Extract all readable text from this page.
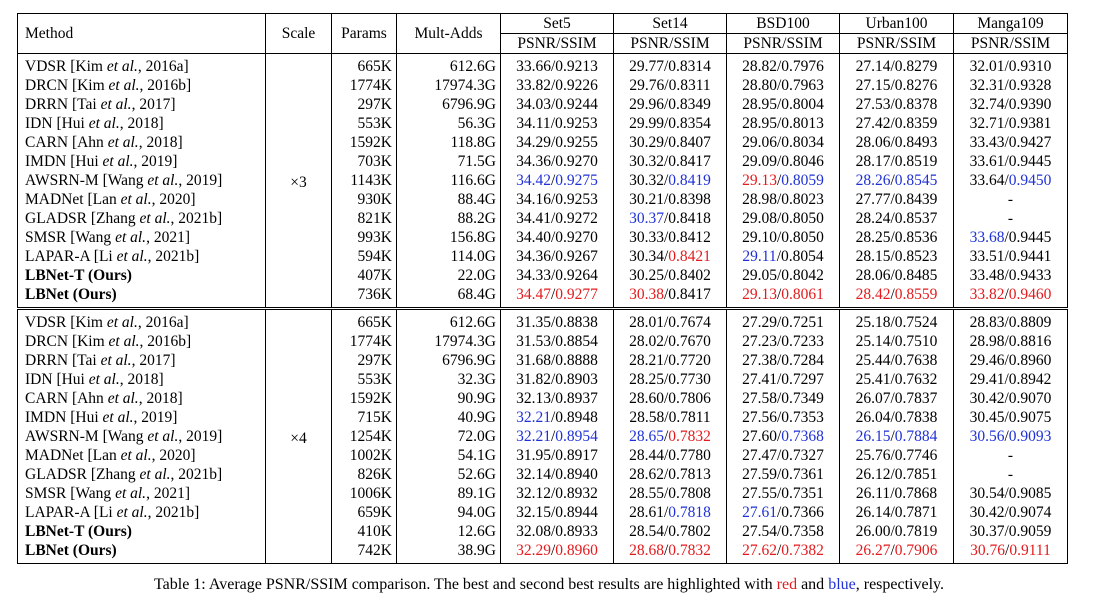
Method	Scale	Params	Mult-Adds	Set5	Set14	BSD100	Urban100	Manga109
				PSNR/SSIM	PSNR/SSIM	PSNR/SSIM	PSNR/SSIM	PSNR/SSIM
VDSR [Kim et al., 2016a]	×3	665K	612.6G	33.66/0.9213	29.77/0.8314	28.82/0.7976	27.14/0.8279	32.01/0.9310
DRCN [Kim et al., 2016b]		1774K	17974.3G	33.82/0.9226	29.76/0.8311	28.80/0.7963	27.15/0.8276	32.31/0.9328
DRRN [Tai et al., 2017]		297K	6796.9G	34.03/0.9244	29.96/0.8349	28.95/0.8004	27.53/0.8378	32.74/0.9390
IDN [Hui et al., 2018]		553K	56.3G	34.11/0.9253	29.99/0.8354	28.95/0.8013	27.42/0.8359	32.71/0.9381
CARN [Ahn et al., 2018]		1592K	118.8G	34.29/0.9255	30.29/0.8407	29.06/0.8034	28.06/0.8493	33.43/0.9427
IMDN [Hui et al., 2019]		703K	71.5G	34.36/0.9270	30.32/0.8417	29.09/0.8046	28.17/0.8519	33.61/0.9445
AWSRN-M [Wang et al., 2019]		1143K	116.6G	34.42/0.9275	30.32/0.8419	29.13/0.8059	28.26/0.8545	33.64/0.9450
MADNet [Lan et al., 2020]		930K	88.4G	34.16/0.9253	30.21/0.8398	28.98/0.8023	27.77/0.8439	-
GLADSR [Zhang et al., 2021b]		821K	88.2G	34.41/0.9272	30.37/0.8418	29.08/0.8050	28.24/0.8537	-
SMSR [Wang et al., 2021]		993K	156.8G	34.40/0.9270	30.33/0.8412	29.10/0.8050	28.25/0.8536	33.68/0.9445
LAPAR-A [Li et al., 2021b]		594K	114.0G	34.36/0.9267	30.34/0.8421	29.11/0.8054	28.15/0.8523	33.51/0.9441
LBNet-T (Ours)		407K	22.0G	34.33/0.9264	30.25/0.8402	29.05/0.8042	28.06/0.8485	33.48/0.9433
LBNet (Ours)		736K	68.4G	34.47/0.9277	30.38/0.8417	29.13/0.8061	28.42/0.8559	33.82/0.9460
VDSR [Kim et al., 2016a]	×4	665K	612.6G	31.35/0.8838	28.01/0.7674	27.29/0.7251	25.18/0.7524	28.83/0.8809
DRCN [Kim et al., 2016b]		1774K	17974.3G	31.53/0.8854	28.02/0.7670	27.23/0.7233	25.14/0.7510	28.98/0.8816
DRRN [Tai et al., 2017]		297K	6796.9G	31.68/0.8888	28.21/0.7720	27.38/0.7284	25.44/0.7638	29.46/0.8960
IDN [Hui et al., 2018]		553K	32.3G	31.82/0.8903	28.25/0.7730	27.41/0.7297	25.41/0.7632	29.41/0.8942
CARN [Ahn et al., 2018]		1592K	90.9G	32.13/0.8937	28.60/0.7806	27.58/0.7349	26.07/0.7837	30.42/0.9070
IMDN [Hui et al., 2019]		715K	40.9G	32.21/0.8948	28.58/0.7811	27.56/0.7353	26.04/0.7838	30.45/0.9075
AWSRN-M [Wang et al., 2019]		1254K	72.0G	32.21/0.8954	28.65/0.7832	27.60/0.7368	26.15/0.7884	30.56/0.9093
MADNet [Lan et al., 2020]		1002K	54.1G	31.95/0.8917	28.44/0.7780	27.47/0.7327	25.76/0.7746	-
GLADSR [Zhang et al., 2021b]		826K	52.6G	32.14/0.8940	28.62/0.7813	27.59/0.7361	26.12/0.7851	-
SMSR [Wang et al., 2021]		1006K	89.1G	32.12/0.8932	28.55/0.7808	27.55/0.7351	26.11/0.7868	30.54/0.9085
LAPAR-A [Li et al., 2021b]		659K	94.0G	32.15/0.8944	28.61/0.7818	27.61/0.7366	26.14/0.7871	30.42/0.9074
LBNet-T (Ours)		410K	12.6G	32.08/0.8933	28.54/0.7802	27.54/0.7358	26.00/0.7819	30.37/0.9059
LBNet (Ours)		742K	38.9G	32.29/0.8960	28.68/0.7832	27.62/0.7382	26.27/0.7906	30.76/0.9111
Table 1: Average PSNR/SSIM comparison. The best and second best results are highlighted with red and blue, respectively.
